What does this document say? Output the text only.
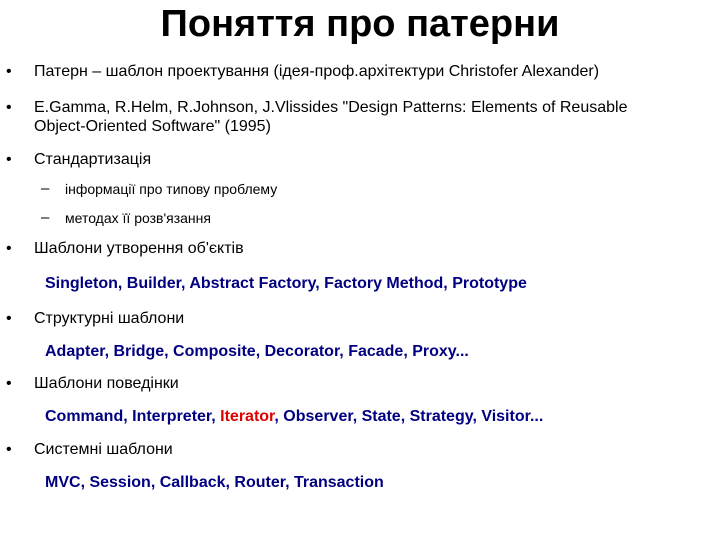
Поняття про патерни
• Патерн – шаблон проектування (ідея-проф.архітектури Christofer Alexander)
• E.Gamma, R.Helm, R.Johnson, J.Vlissides "Design Patterns: Elements of Reusable
Object-Oriented Software" (1995)
• Стандартизація
– інформації про типову проблему
– методах її розв'язання
• Шаблони утворення об'єктів
Singleton, Builder, Abstract Factory, Factory Method, Prototype
• Структурні шаблони
Adapter, Bridge, Composite, Decorator, Facade, Proxy...
• Шаблони поведінки
Command, Interpreter, Iterator, Observer, State, Strategy, Visitor...
• Системні шаблони
MVC, Session, Callback, Router, Transaction
